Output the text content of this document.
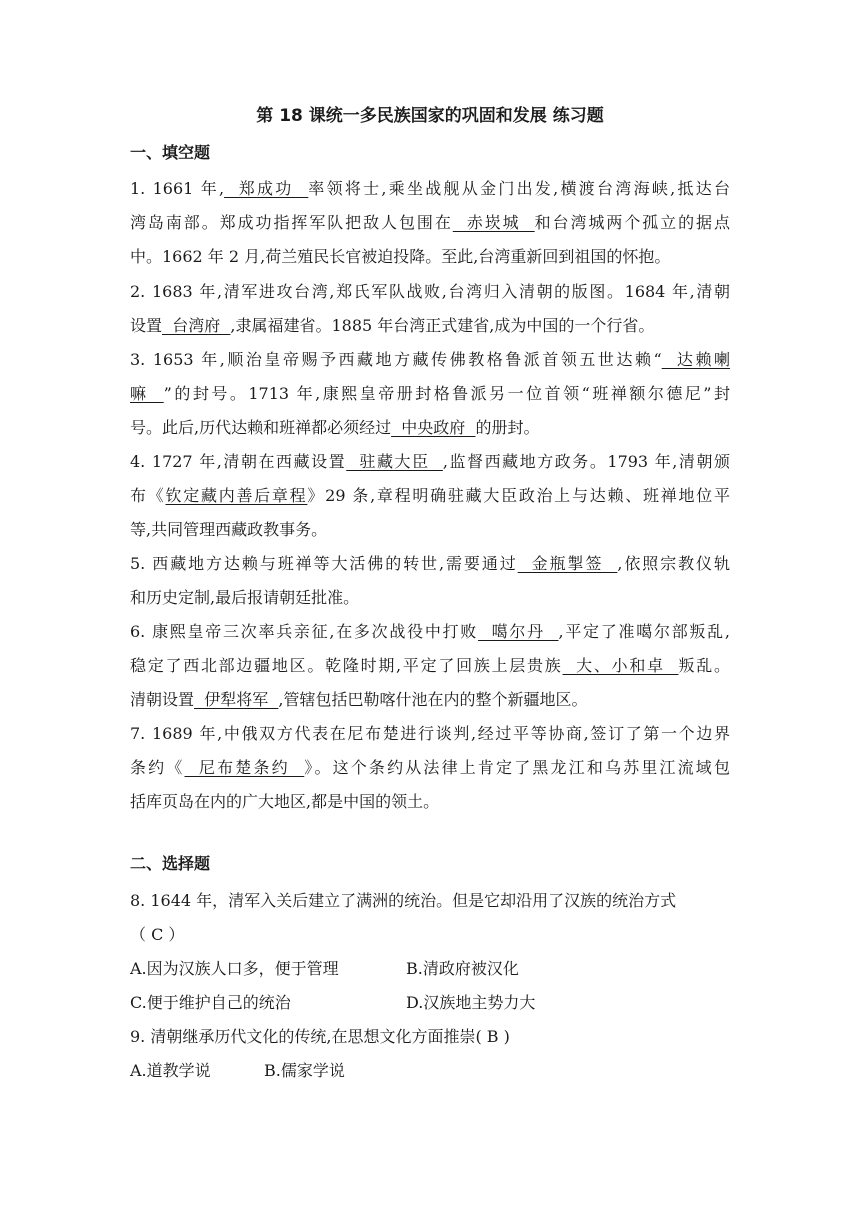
第 18 课统一多民族国家的巩固和发展 练习题
一、填空题
1. 1661 年,  郑成功  率领将士,乘坐战舰从金门出发,横渡台湾海峡,抵达台
湾岛南部。郑成功指挥军队把敌人包围在  赤崁城  和台湾城两个孤立的据点
中。1662 年 2 月,荷兰殖民长官被迫投降。至此,台湾重新回到祖国的怀抱。
2. 1683 年,清军进攻台湾,郑氏军队战败,台湾归入清朝的版图。1684 年,清朝
设置  台湾府  ,隶属福建省。1885 年台湾正式建省,成为中国的一个行省。
3. 1653 年,顺治皇帝赐予西藏地方藏传佛教格鲁派首领五世达赖“  达赖喇
嘛  ”的封号。1713 年,康熙皇帝册封格鲁派另一位首领“班禅额尔德尼”封
号。此后,历代达赖和班禅都必须经过  中央政府  的册封。
4. 1727 年,清朝在西藏设置  驻藏大臣  ,监督西藏地方政务。1793 年,清朝颁
布《钦定藏内善后章程》29 条,章程明确驻藏大臣政治上与达赖、班禅地位平
等,共同管理西藏政教事务。
5. 西藏地方达赖与班禅等大活佛的转世,需要通过  金瓶掣签  ,依照宗教仪轨
和历史定制,最后报请朝廷批准。
6. 康熙皇帝三次率兵亲征,在多次战役中打败  噶尔丹  ,平定了准噶尔部叛乱,
稳定了西北部边疆地区。乾隆时期,平定了回族上层贵族  大、小和卓  叛乱。
清朝设置  伊犁将军  ,管辖包括巴勒喀什池在内的整个新疆地区。
7. 1689 年,中俄双方代表在尼布楚进行谈判,经过平等协商,签订了第一个边界
条约《  尼布楚条约  》。这个条约从法律上肯定了黑龙江和乌苏里江流域包
括库页岛在内的广大地区,都是中国的领土。
二、选择题
8. 1644 年，清军入关后建立了满洲的统治。但是它却沿用了汉族的统治方式
（ C ）
A.因为汉族人口多，便于管理	B.清政府被汉化
C.便于维护自己的统治	D.汉族地主势力大
9. 清朝继承历代文化的传统,在思想文化方面推崇( B )
A.道教学说	B.儒家学说
